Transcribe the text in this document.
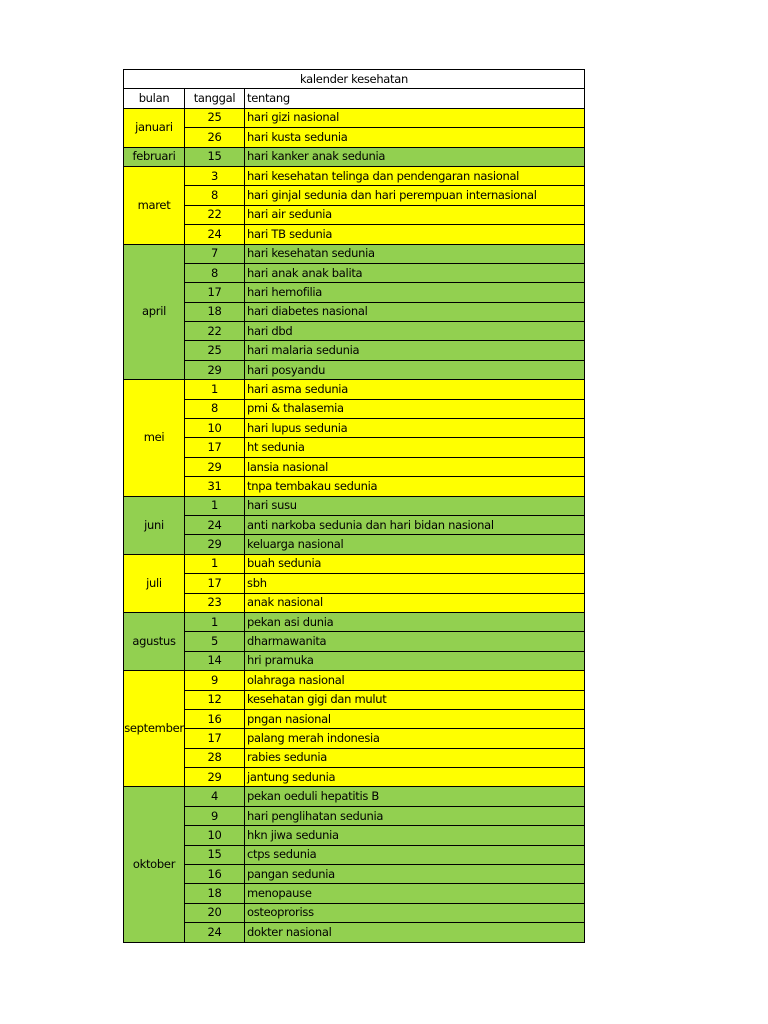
kalender kesehatan		
bulan	tanggal	tentang
januari	25	hari gizi nasional
	26	hari kusta sedunia
februari	15	hari kanker anak sedunia
maret	3	hari kesehatan telinga dan pendengaran nasional
	8	hari ginjal sedunia dan hari perempuan internasional
	22	hari air sedunia
	24	hari TB sedunia
april	7	hari kesehatan sedunia
	8	hari anak anak balita
	17	hari hemofilia
	18	hari diabetes nasional
	22	hari dbd
	25	hari malaria sedunia
	29	hari posyandu
mei	1	hari asma sedunia
	8	pmi & thalasemia
	10	hari lupus sedunia
	17	ht sedunia
	29	lansia nasional
	31	tnpa tembakau sedunia
juni	1	hari susu
	24	anti narkoba sedunia dan hari bidan nasional
	29	keluarga nasional
juli	1	buah sedunia
	17	sbh
	23	anak nasional
agustus	1	pekan asi dunia
	5	dharmawanita
	14	hri pramuka
september	9	olahraga nasional
	12	kesehatan gigi dan mulut
	16	pngan nasional
	17	palang merah indonesia
	28	rabies sedunia
	29	jantung sedunia
oktober	4	pekan oeduli hepatitis B
	9	hari penglihatan sedunia
	10	hkn jiwa sedunia
	15	ctps sedunia
	16	pangan sedunia
	18	menopause
	20	osteoproriss
	24	dokter nasional
